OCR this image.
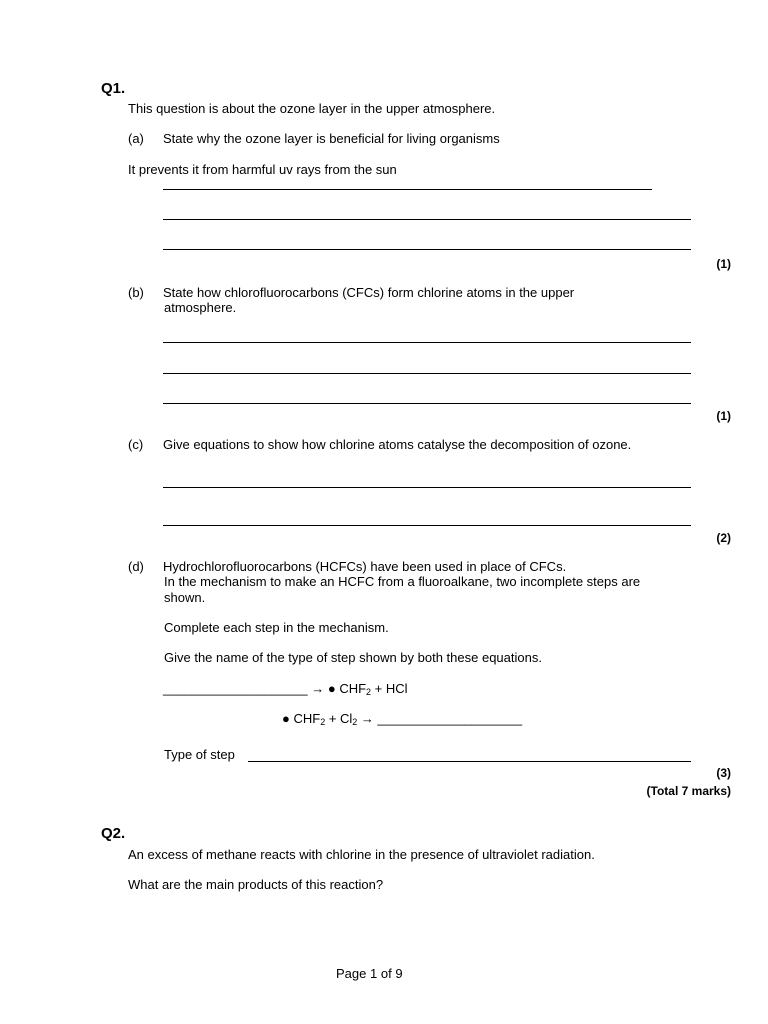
Q1.
This question is about the ozone layer in the upper atmosphere.
(a) State why the ozone layer is beneficial for living organisms
It prevents it from harmful uv rays from the sun
(1)
(b) State how chlorofluorocarbons (CFCs) form chlorine atoms in the upper
atmosphere.
(1)
(c) Give equations to show how chlorine atoms catalyse the decomposition of ozone.
(2)
(d) Hydrochlorofluorocarbons (HCFCs) have been used in place of CFCs.
In the mechanism to make an HCFC from a fluoroalkane, two incomplete steps are
shown.
Complete each step in the mechanism.
Give the name of the type of step shown by both these equations.
____________________ → ● $CHF_2$ + HCl
● $CHF_2 + Cl_2$ → ____________________
Type of step
(3)
(Total 7 marks)
Q2.
An excess of methane reacts with chlorine in the presence of ultraviolet radiation.
What are the main products of this reaction?
Page 1 of 9
